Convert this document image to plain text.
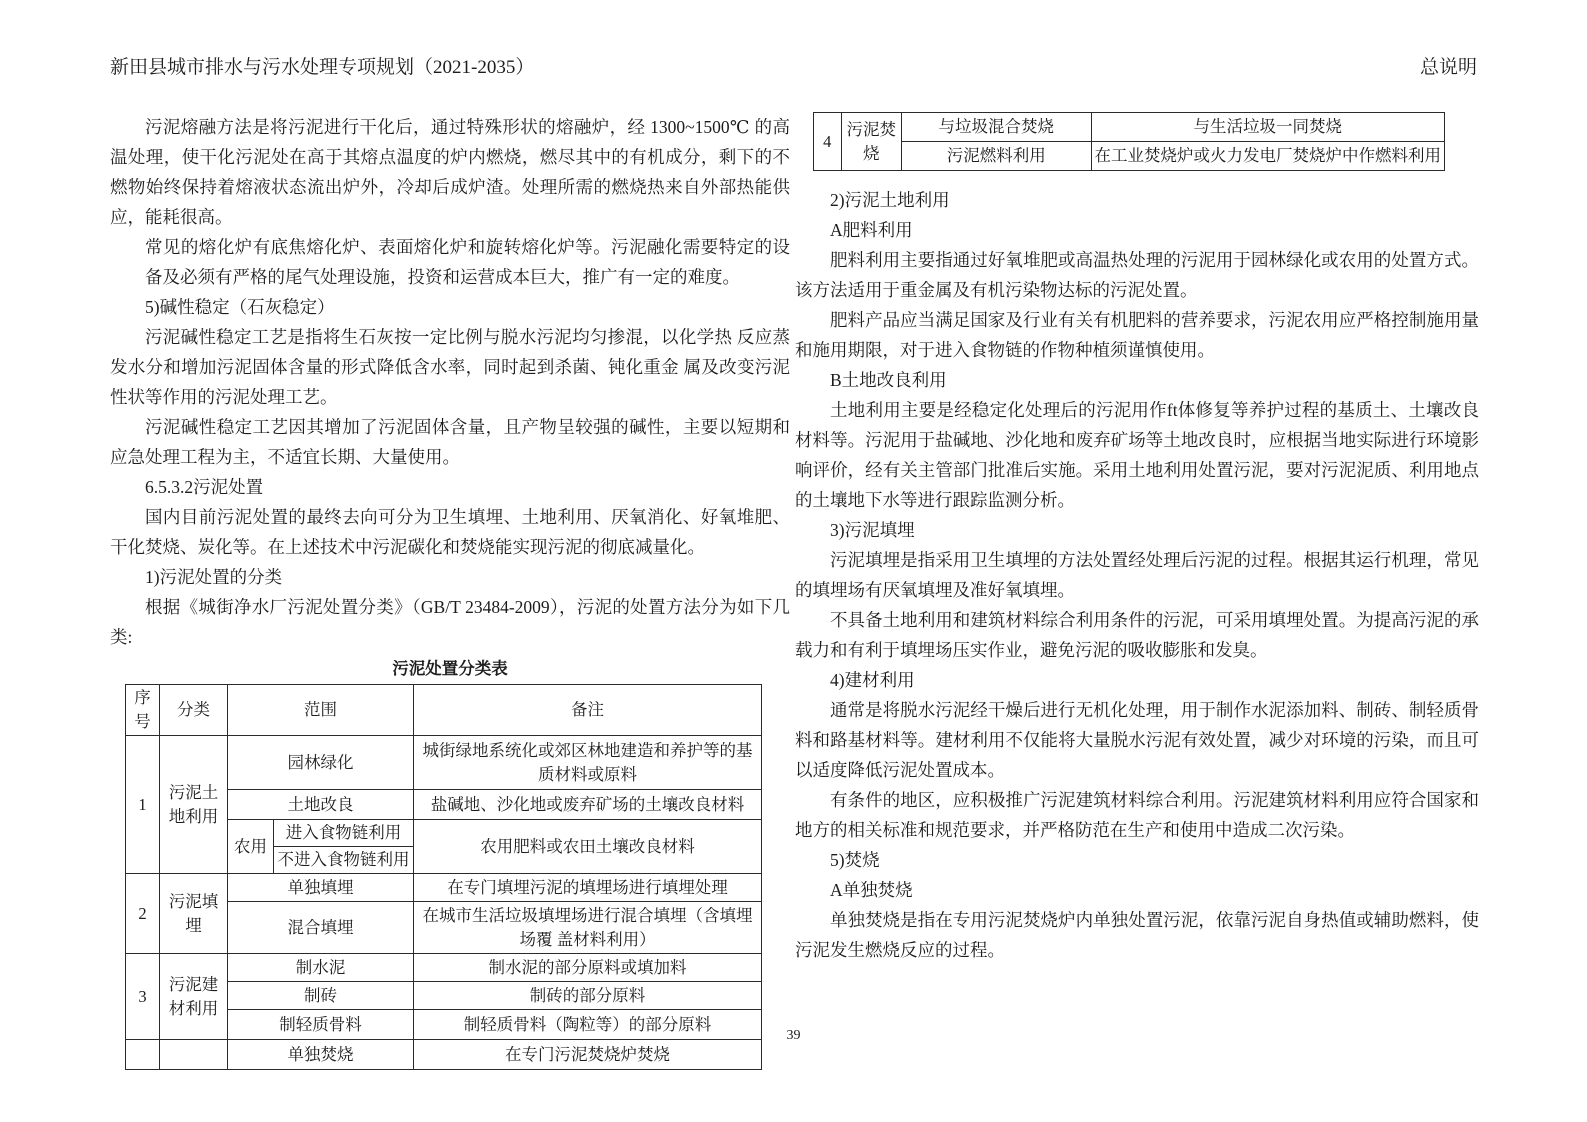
新田县城市排水与污水处理专项规划（2021-2035）	总说明

污泥熔融方法是将污泥进行干化后，通过特殊形状的熔融炉，经 1300~1500℃ 的高温处理，使干化污泥处在高于其熔点温度的炉内燃烧，燃尽其中的有机成分，剩下的不燃物始终保持着熔液状态流出炉外，冷却后成炉渣。处理所需的燃烧热来自外部热能供应，能耗很高。

常见的熔化炉有底焦熔化炉、表面熔化炉和旋转熔化炉等。污泥融化需要特定的设备及必须有严格的尾气处理设施，投资和运营成本巨大，推广有一定的难度。

5)碱性稳定（石灰稳定）

污泥碱性稳定工艺是指将生石灰按一定比例与脱水污泥均匀掺混，以化学热 反应蒸发水分和增加污泥固体含量的形式降低含水率，同时起到杀菌、钝化重金 属及改变污泥性状等作用的污泥处理工艺。

污泥碱性稳定工艺因其增加了污泥固体含量，且产物呈较强的碱性，主要以短期和应急处理工程为主，不适宜长期、大量使用。

6.5.3.2污泥处置

国内目前污泥处置的最终去向可分为卫生填埋、土地利用、厌氧消化、好氧堆肥、干化焚烧、炭化等。在上述技术中污泥碳化和焚烧能实现污泥的彻底减量化。

1)污泥处置的分类

根据《城街净水厂污泥处置分类》（GB/T 23484-2009），污泥的处置方法分为如下几类:

污泥处置分类表
序号	分类	范围		备注
1	污泥土地利用	园林绿化		城街绿地系统化或郊区林地建造和养护等的基质材料或原料
		土地改良		盐碱地、沙化地或废弃矿场的土壤改良材料
		农用	进入食物链利用	农用肥料或农田土壤改良材料
			不进入食物链利用	
2	污泥填埋	单独填埋		在专门填埋污泥的填埋场进行填埋处理
		混合填埋		在城市生活垃圾填埋场进行混合填埋（含填埋场覆 盖材料利用）
3	污泥建材利用	制水泥		制水泥的部分原料或填加料
		制砖		制砖的部分原料
		制轻质骨料		制轻质骨料（陶粒等）的部分原料
		单独焚烧		在专门污泥焚烧炉焚烧
4	污泥焚烧	与垃圾混合焚烧	与生活垃圾一同焚烧
		污泥燃料利用	在工业焚烧炉或火力发电厂焚烧炉中作燃料利用

2)污泥土地利用

A肥料利用

肥料利用主要指通过好氧堆肥或高温热处理的污泥用于园林绿化或农用的处置方式。该方法适用于重金属及有机污染物达标的污泥处置。

肥料产品应当满足国家及行业有关有机肥料的营养要求，污泥农用应严格控制施用量和施用期限，对于进入食物链的作物种植须谨慎使用。

B土地改良利用

土地利用主要是经稳定化处理后的污泥用作ft体修复等养护过程的基质土、土壤改良材料等。污泥用于盐碱地、沙化地和废弃矿场等土地改良时，应根据当地实际进行环境影响评价，经有关主管部门批准后实施。采用土地利用处置污泥，要对污泥泥质、利用地点的土壤地下水等进行跟踪监测分析。

3)污泥填埋

污泥填埋是指采用卫生填埋的方法处置经处理后污泥的过程。根据其运行机理，常见的填埋场有厌氧填埋及准好氧填埋。

不具备土地利用和建筑材料综合利用条件的污泥，可采用填埋处置。为提高污泥的承载力和有利于填埋场压实作业，避免污泥的吸收膨胀和发臭。

4)建材利用

通常是将脱水污泥经干燥后进行无机化处理，用于制作水泥添加料、制砖、制轻质骨料和路基材料等。建材利用不仅能将大量脱水污泥有效处置，减少对环境的污染，而且可以适度降低污泥处置成本。

有条件的地区，应积极推广污泥建筑材料综合利用。污泥建筑材料利用应符合国家和地方的相关标准和规范要求，并严格防范在生产和使用中造成二次污染。

5)焚烧

A单独焚烧

单独焚烧是指在专用污泥焚烧炉内单独处置污泥，依靠污泥自身热值或辅助燃料，使污泥发生燃烧反应的过程。

39
